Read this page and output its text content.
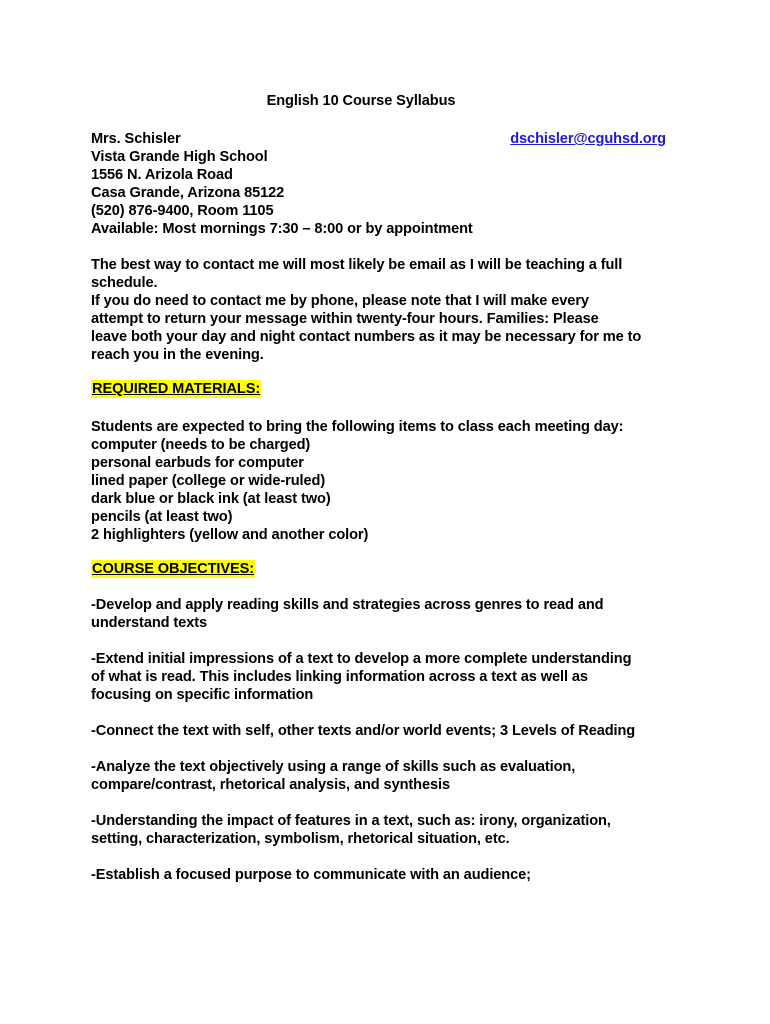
English 10 Course Syllabus
Mrs. Schisler	dschisler@cguhsd.org
Vista Grande High School
1556 N. Arizola Road
Casa Grande, Arizona 85122
(520) 876-9400, Room 1105
Available: Most mornings 7:30 – 8:00 or by appointment
The best way to contact me will most likely be email as I will be teaching a full
schedule.
If you do need to contact me by phone, please note that I will make every
attempt to return your message within twenty-four hours. Families: Please
leave both your day and night contact numbers as it may be necessary for me to
reach you in the evening.
REQUIRED MATERIALS:
Students are expected to bring the following items to class each meeting day:
computer (needs to be charged)
personal earbuds for computer
lined paper (college or wide-ruled)
dark blue or black ink (at least two)
pencils (at least two)
2 highlighters (yellow and another color)
COURSE OBJECTIVES:
-Develop and apply reading skills and strategies across genres to read and
understand texts
-Extend initial impressions of a text to develop a more complete understanding
of what is read. This includes linking information across a text as well as
focusing on specific information
-Connect the text with self, other texts and/or world events; 3 Levels of Reading
-Analyze the text objectively using a range of skills such as evaluation,
compare/contrast, rhetorical analysis, and synthesis
-Understanding the impact of features in a text, such as: irony, organization,
setting, characterization, symbolism, rhetorical situation, etc.
-Establish a focused purpose to communicate with an audience;
